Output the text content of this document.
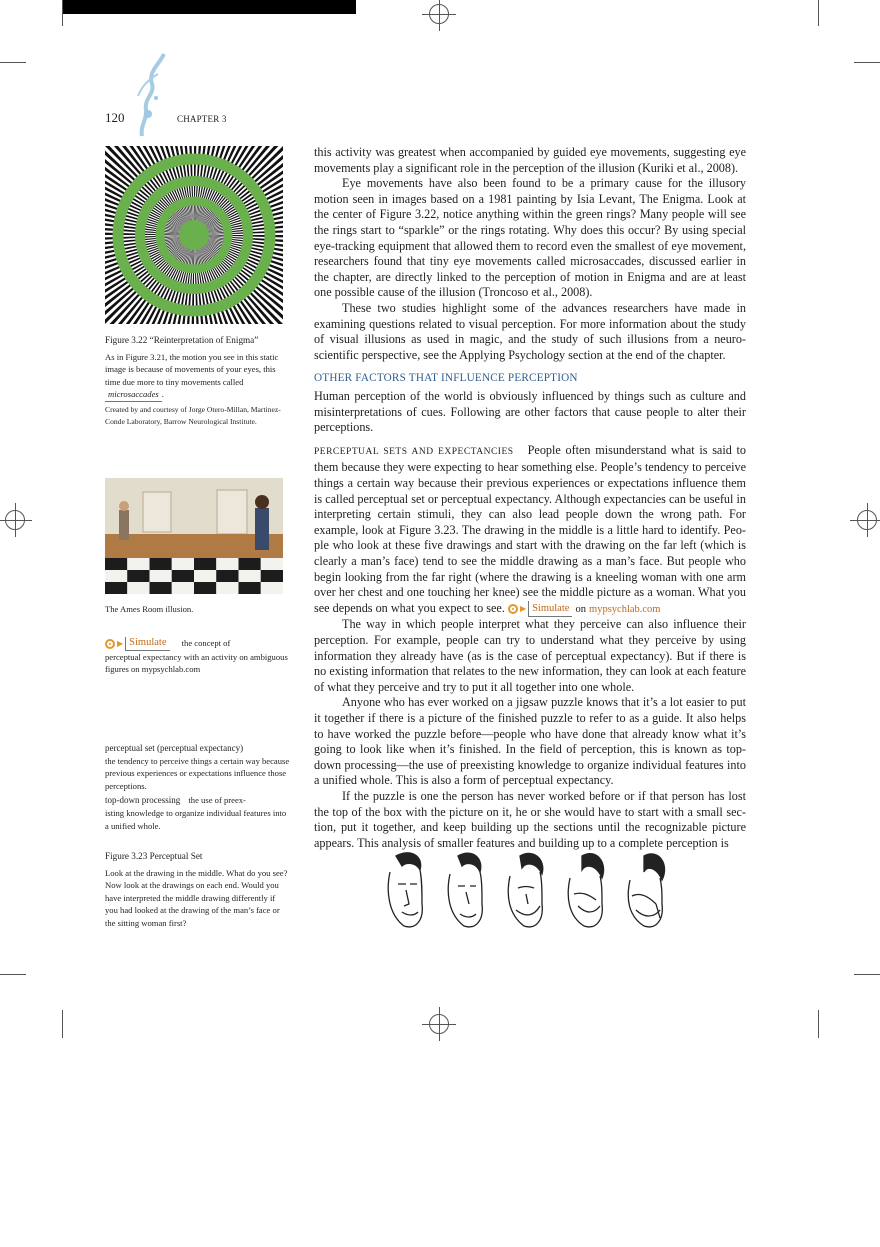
120	CHAPTER 3
Figure 3.22 “Reinterpretation of Enigma”
As in Figure 3.21, the motion you see in this static image is because of movements of your eyes, this time due more to tiny movements called microsaccades .
Created by and courtesy of Jorge Otero-Millan, Martinez-Conde Laboratory, Barrow Neurological Institute.
The Ames Room illusion.
▶ Simulate	the concept of
perceptual expectancy with an activity on ambiguous figures on mypsychlab.com
perceptual set (perceptual expectancy)
the tendency to perceive things a certain way because previous experiences or expectations influence those perceptions.
top-down processing the use of preex-
isting knowledge to organize individual features into a unified whole.
Figure 3.23 Perceptual Set
Look at the drawing in the middle. What do you see? Now look at the drawings on each end. Would you have interpreted the middle drawing differently if you had looked at the drawing of the man’s face or the sitting woman first?

this activity was greatest when accompanied by guided eye movements, suggesting eye movements play a significant role in the perception of the illusion (Kuriki et al., 2008).

Eye movements have also been found to be a primary cause for the illusory motion seen in images based on a 1981 painting by Isia Levant, The Enigma. Look at the center of Figure 3.22, notice anything within the green rings? Many people will see the rings start to “sparkle” or the rings rotating. Why does this occur? By using special eye-tracking equipment that allowed them to record even the smallest of eye movement, researchers found that tiny eye movements called microsaccades, discussed earlier in the chapter, are directly linked to the perception of motion in Enigma and are at least one possible cause of the illusion (Troncoso et al., 2008).

These two studies highlight some of the advances researchers have made in examining questions related to visual perception. For more information about the study of visual illusions as used in magic, and the study of such illusions from a neuro-scientific perspective, see the Applying Psychology section at the end of the chapter.

OTHER FACTORS THAT INFLUENCE PERCEPTION

Human perception of the world is obviously influenced by things such as culture and misinterpretations of cues. Following are other factors that cause people to alter their perceptions.

PERCEPTUAL SETS AND EXPECTANCIES People often misunderstand what is said to them because they were expecting to hear something else. People’s tendency to perceive things a certain way because their previous experiences or expectations influence them is called perceptual set or perceptual expectancy. Although expectancies can be useful in interpreting certain stimuli, they can also lead people down the wrong path. For example, look at Figure 3.23. The drawing in the middle is a little hard to identify. Peo-ple who look at these five drawings and start with the drawing on the far left (which is clearly a man’s face) tend to see the middle drawing as a man’s face. But people who begin looking from the far right (where the drawing is a kneeling woman with one arm over her chest and one touching her knee) see the middle picture as a woman. What you see depends on what you expect to see. ▶ Simulate on mypsychlab.com

The way in which people interpret what they perceive can also influence their perception. For example, people can try to understand what they perceive by using information they already have (as is the case of perceptual expectancy). But if there is no existing information that relates to the new information, they can look at each feature of what they perceive and try to put it all together into one whole.

Anyone who has ever worked on a jigsaw puzzle knows that it’s a lot easier to put it together if there is a picture of the finished puzzle to refer to as a guide. It also helps to have worked the puzzle before—people who have done that already know what it’s going to look like when it’s finished. In the field of perception, this is known as top-down processing—the use of preexisting knowledge to organize individual features into a unified whole. This is also a form of perceptual expectancy.

If the puzzle is one the person has never worked before or if that person has lost the top of the box with the picture on it, he or she would have to start with a small sec-tion, put it together, and keep building up the sections until the recognizable picture appears. This analysis of smaller features and building up to a complete perception is
